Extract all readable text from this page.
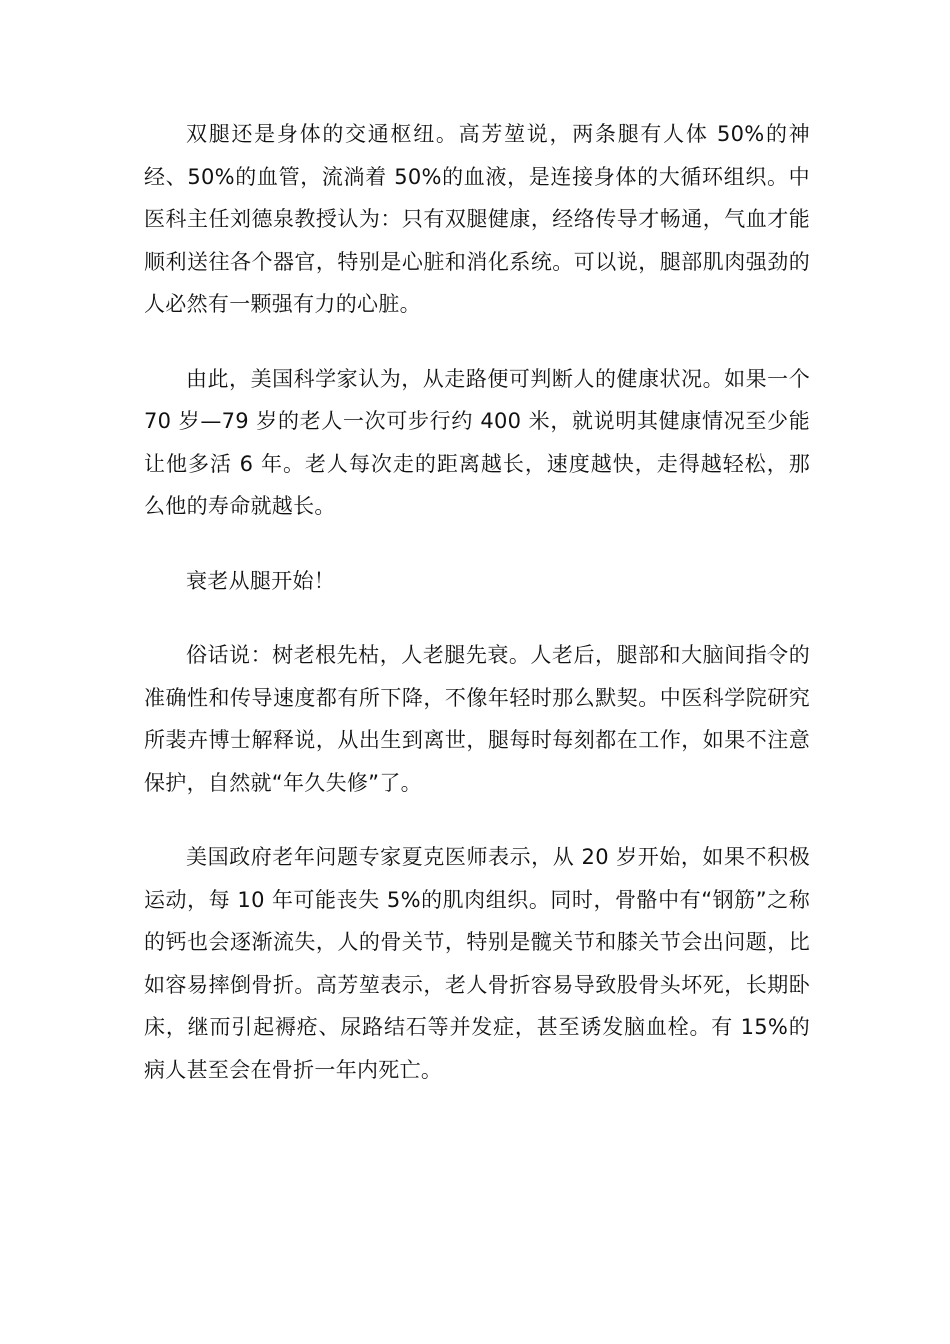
双腿还是身体的交通枢纽。高芳堃说，两条腿有人体 50%的神经、50%的血管，流淌着 50%的血液，是连接身体的大循环组织。中医科主任刘德泉教授认为：只有双腿健康，经络传导才畅通，气血才能顺利送往各个器官，特别是心脏和消化系统。可以说，腿部肌肉强劲的人必然有一颗强有力的心脏。

由此，美国科学家认为，从走路便可判断人的健康状况。如果一个 70 岁—79 岁的老人一次可步行约 400 米，就说明其健康情况至少能让他多活 6 年。老人每次走的距离越长，速度越快，走得越轻松，那么他的寿命就越长。

衰老从腿开始！

俗话说：树老根先枯，人老腿先衰。人老后，腿部和大脑间指令的准确性和传导速度都有所下降，不像年轻时那么默契。中医科学院研究所裴卉博士解释说，从出生到离世，腿每时每刻都在工作，如果不注意保护，自然就“年久失修”了。

美国政府老年问题专家夏克医师表示，从 20 岁开始，如果不积极运动，每 10 年可能丧失 5%的肌肉组织。同时，骨骼中有“钢筋”之称的钙也会逐渐流失，人的骨关节，特别是髋关节和膝关节会出问题，比如容易摔倒骨折。高芳堃表示，老人骨折容易导致股骨头坏死，长期卧床，继而引起褥疮、尿路结石等并发症，甚至诱发脑血栓。有 15%的病人甚至会在骨折一年内死亡。
